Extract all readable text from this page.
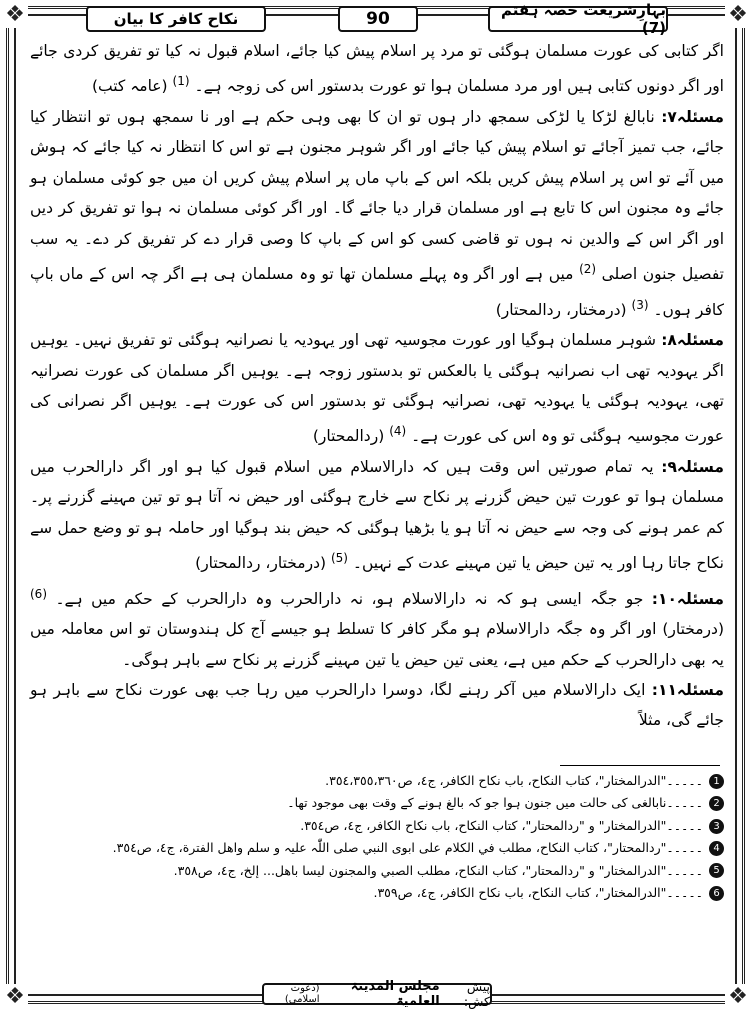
❖	❖
❖	❖
نکاح کافر کا بیان	90	بہارِشریعت حصہ ہفتم (7)

اگر کتابی کی عورت مسلمان ہوگئی تو مرد پر اسلام پیش کیا جائے، اسلام قبول نہ کیا تو تفریق کردی جائے اور اگر دونوں کتابی ہیں اور مرد مسلمان ہوا تو عورت بدستور اس کی زوجہ ہے۔ $^{(1)}$ (عامہ کتب)

مسئلہ۷: نابالغ لڑکا یا لڑکی سمجھ دار ہوں تو ان کا بھی وہی حکم ہے اور نا سمجھ ہوں تو انتظار کیا جائے، جب تمیز آجائے تو اسلام پیش کیا جائے اور اگر شوہر مجنون ہے تو اس کا انتظار نہ کیا جائے کہ ہوش میں آئے تو اس پر اسلام پیش کریں بلکہ اس کے باپ ماں پر اسلام پیش کریں ان میں جو کوئی مسلمان ہو جائے وہ مجنون اس کا تابع ہے اور مسلمان قرار دیا جائے گا۔ اور اگر کوئی مسلمان نہ ہوا تو تفریق کر دیں اور اگر اس کے والدین نہ ہوں تو قاضی کسی کو اس کے باپ کا وصی قرار دے کر تفریق کر دے۔ یہ سب تفصیل جنون اصلی $^{(2)}$ میں ہے اور اگر وہ پہلے مسلمان تھا تو وہ مسلمان ہی ہے اگر چہ اس کے ماں باپ کافر ہوں۔ $^{(3)}$ (درمختار، ردالمحتار)

مسئلہ۸: شوہر مسلمان ہوگیا اور عورت مجوسیہ تھی اور یہودیہ یا نصرانیہ ہوگئی تو تفریق نہیں۔ یوہیں اگر یہودیہ تھی اب نصرانیہ ہوگئی یا بالعکس تو بدستور زوجہ ہے۔ یوہیں اگر مسلمان کی عورت نصرانیہ تھی، یہودیہ ہوگئی یا یہودیہ تھی، نصرانیہ ہوگئی تو بدستور اس کی عورت ہے۔ یوہیں اگر نصرانی کی عورت مجوسیہ ہوگئی تو وہ اس کی عورت ہے۔ $^{(4)}$ (ردالمحتار)

مسئلہ۹: یہ تمام صورتیں اس وقت ہیں کہ دارالاسلام میں اسلام قبول کیا ہو اور اگر دارالحرب میں مسلمان ہوا تو عورت تین حیض گزرنے پر نکاح سے خارج ہوگئی اور حیض نہ آتا ہو تو تین مہینے گزرنے پر۔ کم عمر ہونے کی وجہ سے حیض نہ آتا ہو یا بڑھیا ہوگئی کہ حیض بند ہوگیا اور حاملہ ہو تو وضع حمل سے نکاح جاتا رہا اور یہ تین حیض یا تین مہینے عدت کے نہیں۔ $^{(5)}$ (درمختار، ردالمحتار)

مسئلہ۱۰: جو جگہ ایسی ہو کہ نہ دارالاسلام ہو، نہ دارالحرب وہ دارالحرب کے حکم میں ہے۔ $^{(6)}$ (درمختار) اور اگر وہ جگہ دارالاسلام ہو مگر کافر کا تسلط ہو جیسے آج کل ہندوستان تو اس معاملہ میں یہ بھی دارالحرب کے حکم میں ہے، یعنی تین حیض یا تین مہینے گزرنے پر نکاح سے باہر ہوگی۔

مسئلہ۱۱: ایک دارالاسلام میں آکر رہنے لگا، دوسرا دارالحرب میں رہا جب بھی عورت نکاح سے باہر ہو جائے گی، مثلاً

1
۔۔۔۔۔"الدرالمختار"، کتاب النکاح، باب نکاح الکافر، ج٤، ص٣٥٤،٣٥٥،٣٦٠.
2
۔۔۔۔۔نابالغی کی حالت میں جنون ہوا جو کہ بالغ ہونے کے وقت بھی موجود تھا۔
3
۔۔۔۔۔"الدرالمختار" و "ردالمحتار"، کتاب النکاح، باب نکاح الکافر، ج٤، ص٣٥٤.
4
۔۔۔۔۔"ردالمحتار"، کتاب النکاح، مطلب في الکلام علی ابوی النبي صلی اللّٰہ علیہ و سلم واھل الفترة، ج٤، ص٣٥٤.
5
۔۔۔۔۔"الدرالمختار" و "ردالمحتار"، کتاب النکاح، مطلب الصبي والمجنون لیسا باھل... إلخ، ج٤، ص٣٥٨.
6
۔۔۔۔۔"الدرالمختار"، کتاب النکاح، باب نکاح الکافر، ج٤، ص٣٥٩.
پیش کش:
مجلس المدینۃ العلمیۃ
(دعوت اسلامی)
